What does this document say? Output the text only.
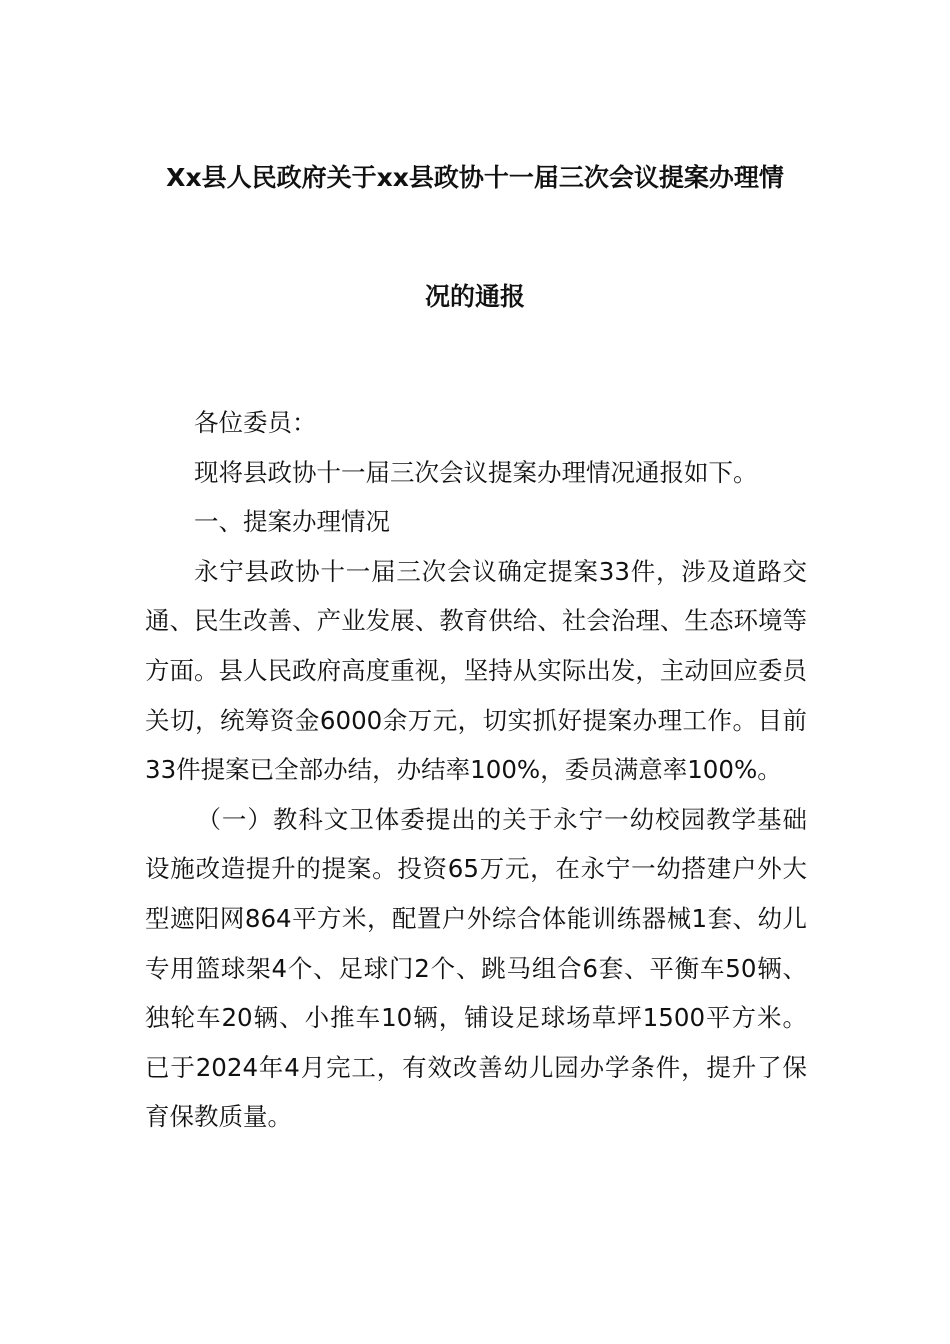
Xx县人民政府关于xx县政协十一届三次会议提案办理情
况的通报

各位委员：

现将县政协十一届三次会议提案办理情况通报如下。

一、提案办理情况

永宁县政协十一届三次会议确定提案33件，涉及道路交通、民生改善、产业发展、教育供给、社会治理、生态环境等方面。县人民政府高度重视，坚持从实际出发，主动回应委员关切，统筹资金6000余万元，切实抓好提案办理工作。目前33件提案已全部办结，办结率100%，委员满意率100%。

（一）教科文卫体委提出的关于永宁一幼校园教学基础设施改造提升的提案。投资65万元，在永宁一幼搭建户外大型遮阳网864平方米，配置户外综合体能训练器械1套、幼儿专用篮球架4个、足球门2个、跳马组合6套、平衡车50辆、独轮车20辆、小推车10辆，铺设足球场草坪1500平方米。已于2024年4月完工，有效改善幼儿园办学条件，提升了保育保教质量。
